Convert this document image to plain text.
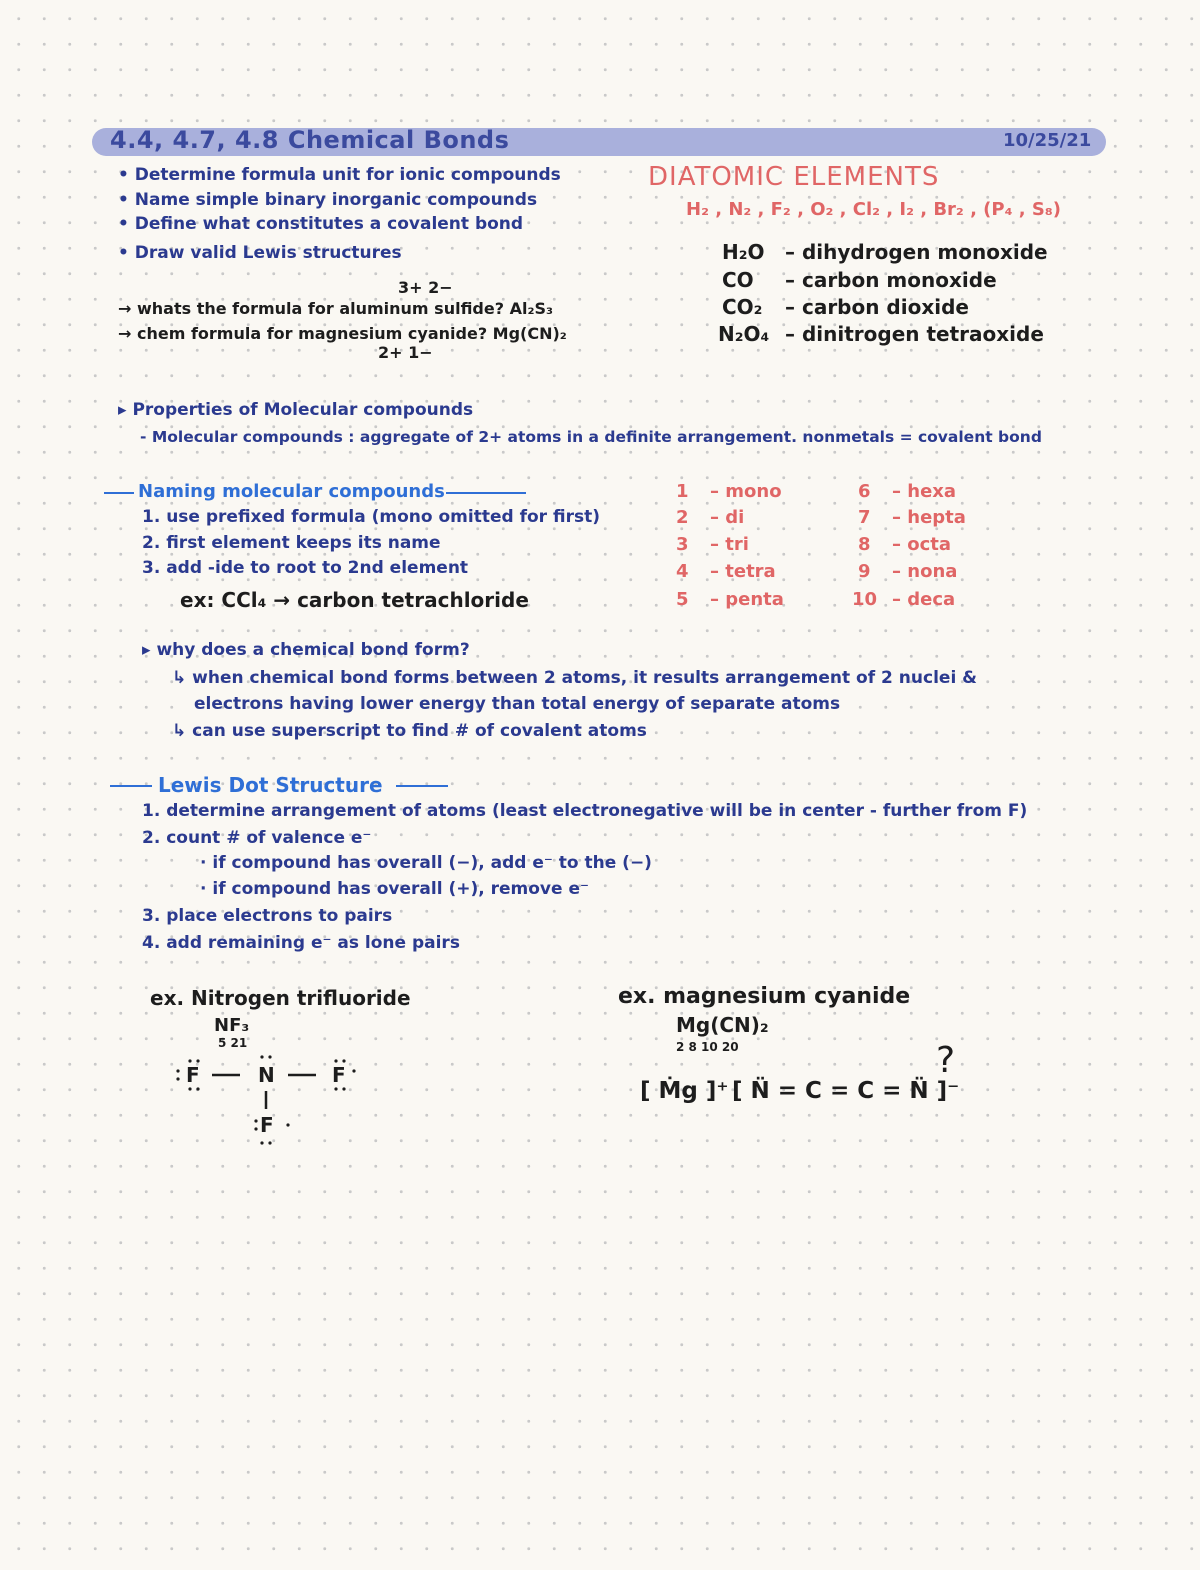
4.4, 4.7, 4.8 Chemical Bonds	10/25/21
• Determine formula unit for ionic compounds
• Name simple binary inorganic compounds
• Define what constitutes a covalent bond
• Draw valid Lewis structures
3+ 2−
→ whats the formula for aluminum sulfide? Al₂S₃
→ chem formula for magnesium cyanide? Mg(CN)₂
2+ 1−
DIATOMIC ELEMENTS
H₂ , N₂ , F₂ , O₂ , Cl₂ , I₂ , Br₂ , (P₄ , S₈)
H₂O – dihydrogen monoxide
CO – carbon monoxide
CO₂ – carbon dioxide
N₂O₄ – dinitrogen tetraoxide
▸ Properties of Molecular compounds
- Molecular compounds : aggregate of 2+ atoms in a definite arrangement. nonmetals = covalent bond
Naming molecular compounds
1. use prefixed formula (mono omitted for first)
2. first element keeps its name
3. add -ide to root to 2nd element
ex: CCl₄ → carbon tetrachloride
1 – mono
2 – di
3 – tri
4 – tetra
5 – penta
6 – hexa
7 – hepta
8 – octa
9 – nona
10 – deca
▸ why does a chemical bond form?
↳ when chemical bond forms between 2 atoms, it results arrangement of 2 nuclei &
electrons having lower energy than total energy of separate atoms
↳ can use superscript to find # of covalent atoms
Lewis Dot Structure
1. determine arrangement of atoms (least electronegative will be in center - further from F)
2. count # of valence e⁻
· if compound has overall (−), add e⁻ to the (−)
· if compound has overall (+), remove e⁻
3. place electrons to pairs
4. add remaining e⁻ as lone pairs
ex. Nitrogen trifluoride
NF₃
5 21
F	N	F
F
ex. magnesium cyanide
Mg(CN)₂
2 8 10 20
[ Ṁg ]⁺ [ N̈ = C = C = N̈ ]⁻
?
